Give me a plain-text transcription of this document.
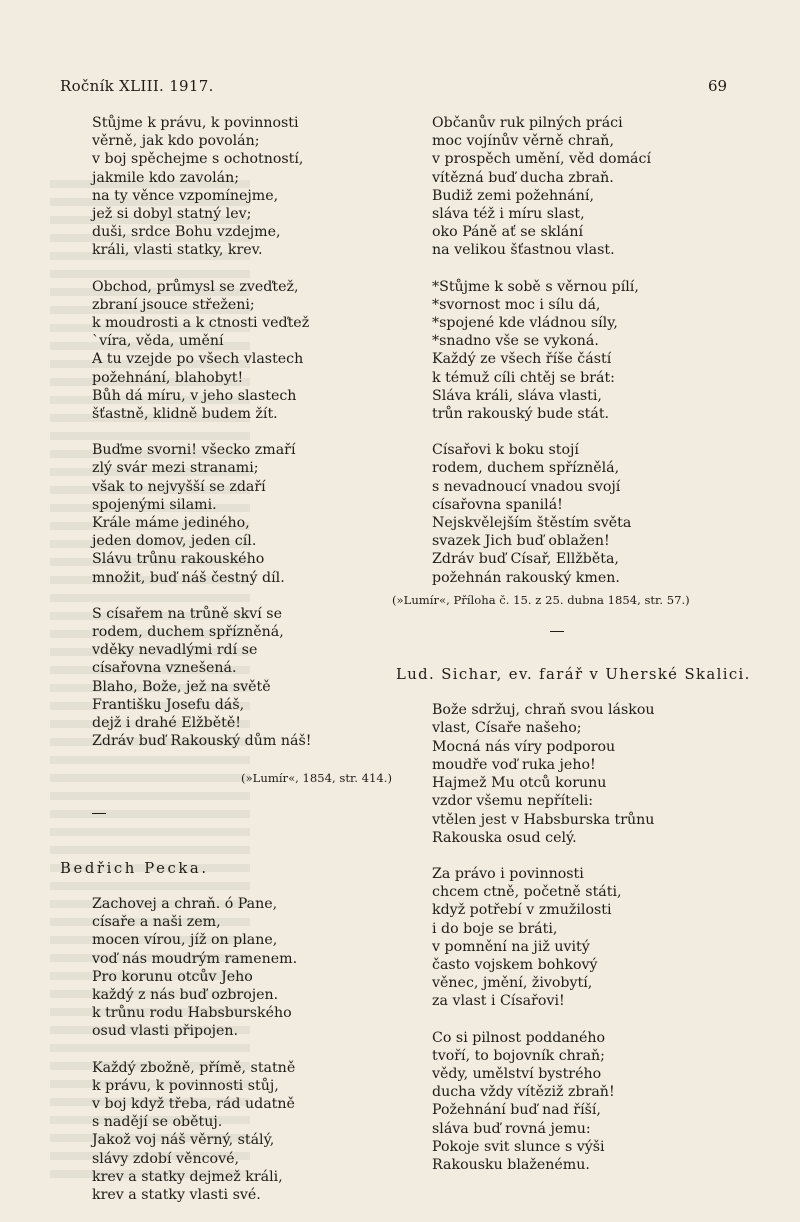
Ročník XLIII. 1917.	69
Stůjme k právu, k povinnosti
věrně, jak kdo povolán;
v boj spěchejme s ochotností,
jakmile kdo zavolán;
na ty věnce vzpomínejme,
jež si dobyl statný lev;
duši, srdce Bohu vzdejme,
králi, vlasti statky, krev.
Obchod, průmysl se zveďtež,
zbraní jsouce střeženi;
k moudrosti a k ctnosti veďtež
`víra, věda, umění
A tu vzejde po všech vlastech
požehnání, blahobyt!
Bůh dá míru, v jeho slastech
šťastně, klidně budem žít.
Buďme svorni! všecko zmaří
zlý svár mezi stranami;
však to nejvyšší se zdaří
spojenými silami.
Krále máme jediného,
jeden domov, jeden cíl.
Slávu trůnu rakouského
množit, buď náš čestný díl.
S císařem na trůně skví se
rodem, duchem spřízněná,
vděky nevadlými rdí se
císařovna vznešená.
Blaho, Bože, jež na světě
Františku Josefu dáš,
dejž i drahé Elžbětě!
Zdráv buď Rakouský dům náš!
(»Lumír«, 1854, str. 414.)
Bedřich Pecka.
Zachovej a chraň. ó Pane,
císaře a naši zem,
mocen vírou, jíž on plane,
voď nás moudrým ramenem.
Pro korunu otcův Jeho
každý z nás buď ozbrojen.
k trůnu rodu Habsburského
osud vlasti připojen.
Každý zbožně, přímě, statně
k právu, k povinnosti stůj,
v boj když třeba, rád udatně
s nadějí se obětuj.
Jakož voj náš věrný, stálý,
slávy zdobí věncové,
krev a statky dejmež králi,
krev a statky vlasti své.
Občanův ruk pilných práci
moc vojínův věrně chraň,
v prospěch umění, věd domácí
vítězná buď ducha zbraň.
Budiž zemi požehnání,
sláva též i míru slast,
oko Páně ať se sklání
na velikou šťastnou vlast.
*Stůjme k sobě s věrnou pílí,
*svornost moc i sílu dá,
*spojené kde vládnou síly,
*snadno vše se vykoná.
Každý ze všech říše částí
k témuž cíli chtěj se brát:
Sláva králi, sláva vlasti,
trůn rakouský bude stát.
Císařovi k boku stojí
rodem, duchem spříznělá,
s nevadnoucí vnadou svojí
císařovna spanilá!
Nejskvělejším štěstím světa
svazek Jich buď oblažen!
Zdráv buď Císař, Ellžběta,
požehnán rakouský kmen.
(»Lumír«, Příloha č. 15. z 25. dubna 1854, str. 57.)
Lud. Sichar, ev. farář v Uherské Skalici.
Bože sdržuj, chraň svou láskou
vlast, Císaře našeho;
Mocná nás víry podporou
moudře voď ruka jeho!
Hajmež Mu otců korunu
vzdor všemu nepříteli:
vtělen jest v Habsburska trůnu
Rakouska osud celý.
Za právo i povinnosti
chcem ctně, početně státi,
když potřebí v zmužilosti
i do boje se bráti,
v pomnění na již uvitý
často vojskem bohkový
věnec, jmění, živobytí,
za vlast i Císařovi!
Co si pilnost poddaného
tvoří, to bojovník chraň;
vědy, umělství bystrého
ducha vždy vítěziž zbraň!
Požehnání buď nad říší,
sláva buď rovná jemu:
Pokoje svit slunce s výši
Rakousku blaženému.
